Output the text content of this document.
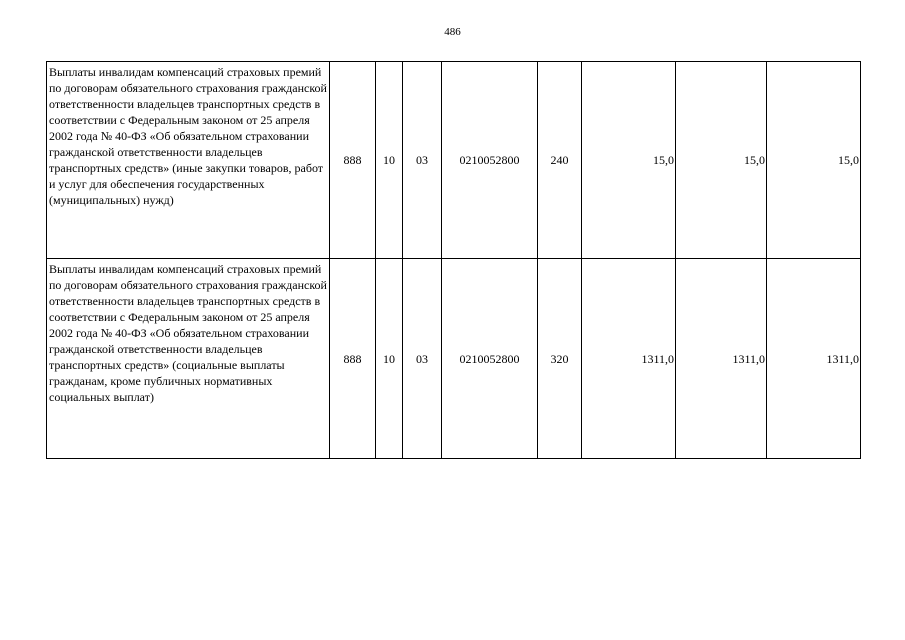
486
Выплаты инвалидам компенсаций страховых премий по договорам обязательного страхования гражданской ответственности владельцев транспортных средств в соответствии с Федеральным законом от 25 апреля 2002 года № 40-ФЗ «Об обязательном страховании гражданской ответственности владельцев транспортных средств» (иные закупки товаров, работ и услуг для обеспечения государственных (муниципальных) нужд)	888	10	03	0210052800	240	15,0	15,0	15,0
Выплаты инвалидам компенсаций страховых премий по договорам обязательного страхования гражданской ответственности владельцев транспортных средств в соответствии с Федеральным законом от 25 апреля 2002 года № 40-ФЗ «Об обязательном страховании гражданской ответственности владельцев транспортных средств» (социальные выплаты гражданам, кроме публичных нормативных социальных выплат)	888	10	03	0210052800	320	1311,0	1311,0	1311,0
